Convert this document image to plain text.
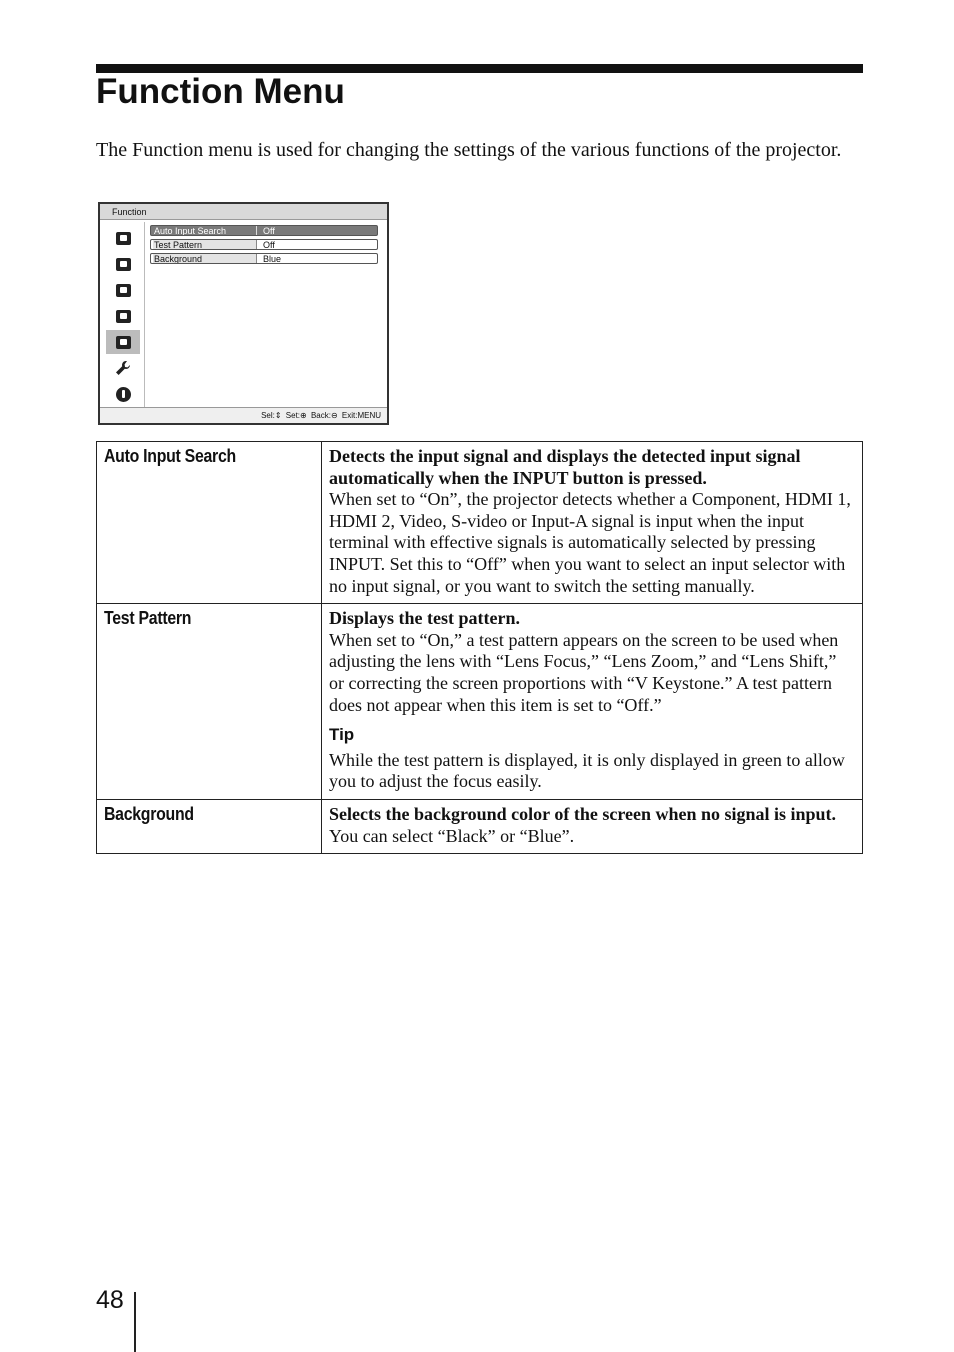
Function Menu

The Function menu is used for changing the settings of the various functions of the projector.

Function
Auto Input Search	Off
Test Pattern	Off
Background	Blue
Sel:⇕ Set:⊕ Back:⊖ Exit:MENU
Auto Input Search	Detects the input signal and displays the detected input signal automatically when the INPUT button is pressed.
When set to “On”, the projector detects whether a Component, HDMI 1, HDMI 2, Video, S-video or Input-A signal is input when the input terminal with effective signals is automatically selected by pressing INPUT. Set this to “Off” when you want to select an input selector with no input signal, or you want to switch the setting manually.

Test Pattern	Displays the test pattern.
When set to “On,” a test pattern appears on the screen to be used when adjusting the lens with “Lens Focus,” “Lens Zoom,” and “Lens Shift,” or correcting the screen proportions with “V Keystone.” A test pattern does not appear when this item is set to “Off.”
Tip
While the test pattern is displayed, it is only displayed in green to allow you to adjust the focus easily.

Background	Selects the background color of the screen when no signal is input.
You can select “Black” or “Blue”.
48
